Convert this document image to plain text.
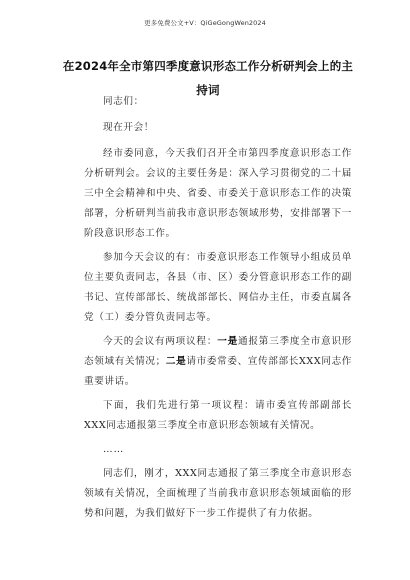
更多免费公文+V：QiGeGongWen2024
在2024年全市第四季度意识形态工作分析研判会上的主持词

同志们：

现在开会！

经市委同意，今天我们召开全市第四季度意识形态工作分析研判会。会议的主要任务是：深入学习贯彻党的二十届三中全会精神和中央、省委、市委关于意识形态工作的决策部署，分析研判当前我市意识形态领域形势，安排部署下一阶段意识形态工作。

参加今天会议的有：市委意识形态工作领导小组成员单位主要负责同志，各县（市、区）委分管意识形态工作的副书记、宣传部部长、统战部部长、网信办主任，市委直属各党（工）委分管负责同志等。

今天的会议有两项议程：一是通报第三季度全市意识形态领域有关情况；二是请市委常委、宣传部部长XXX同志作重要讲话。

下面，我们先进行第一项议程：请市委宣传部副部长XXX同志通报第三季度全市意识形态领域有关情况。

……

同志们，刚才，XXX同志通报了第三季度全市意识形态领域有关情况，全面梳理了当前我市意识形态领域面临的形势和问题，为我们做好下一步工作提供了有力依据。
